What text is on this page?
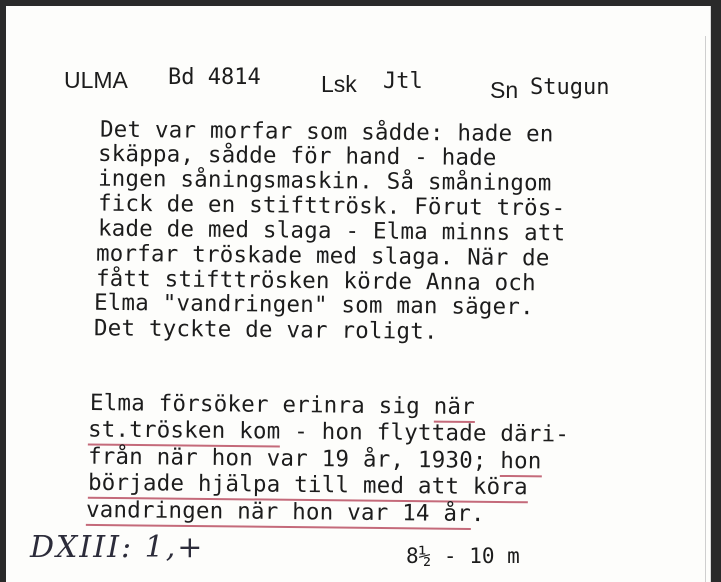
ULMA Bd 4814	Lsk Jtl	Sn Stugun
Det var morfar som sådde: hade en
skäppa, sådde för hand - hade
ingen såningsmaskin. Så småningom
fick de en stifttrösk. Förut trös-
kade de med slaga - Elma minns att
morfar tröskade med slaga. När de
fått stifttrösken körde Anna och
Elma "vandringen" som man säger.
Det tyckte de var roligt.
Elma försöker erinra sig när
st.trösken kom - hon flyttade däri-
från när hon var 19 år, 1930; hon
började hjälpa till med att köra
vandringen när hon var 14 år.
DXIII: 1,+	8½ - 10 m
